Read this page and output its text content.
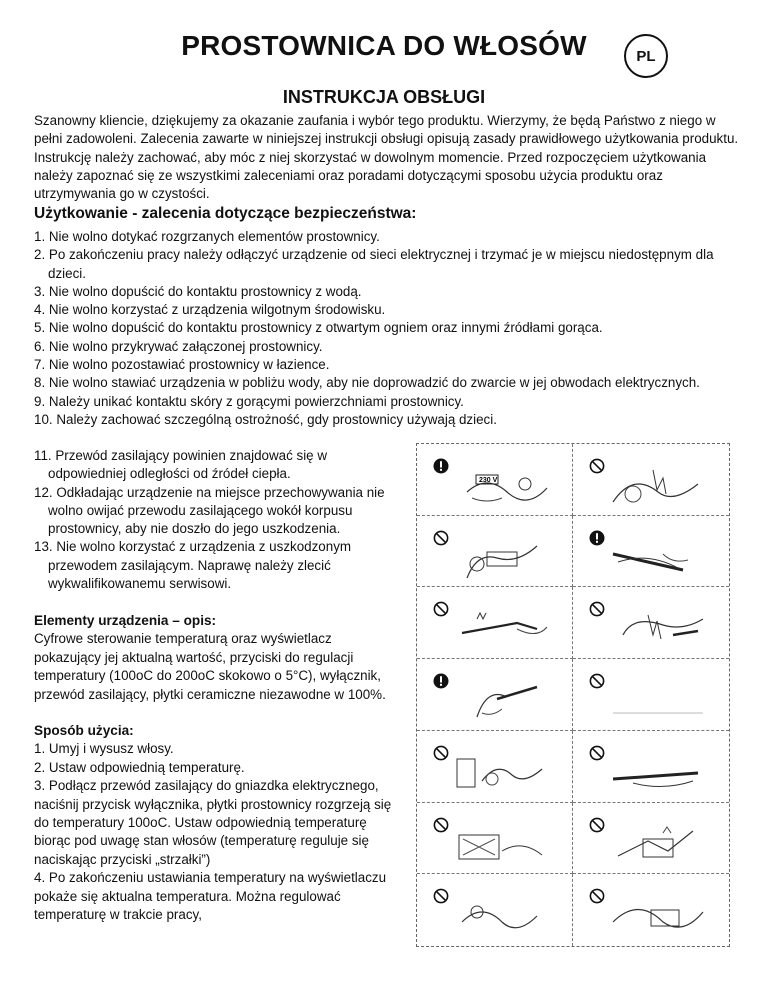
PROSTOWNICA DO WŁOSÓW	PL
INSTRUKCJA OBSŁUGI
Szanowny kliencie, dziękujemy za okazanie zaufania i wybór tego produktu. Wierzymy, że będą Państwo z niego w pełni zadowoleni. Zalecenia zawarte w niniejszej instrukcji obsługi opisują zasady prawidłowego użytkowania produktu. Instrukcję należy zachować, aby móc z niej skorzystać w dowolnym momencie. Przed rozpoczęciem użytkowania należy zapoznać się ze wszystkimi zaleceniami oraz poradami dotyczącymi sposobu użycia produktu oraz utrzymywania go w czystości.
Użytkowanie - zalecenia dotyczące bezpieczeństwa:
1. Nie wolno dotykać rozgrzanych elementów prostownicy.
2. Po zakończeniu pracy należy odłączyć urządzenie od sieci elektrycznej i trzymać je w miejscu niedostępnym dla dzieci.
3. Nie wolno dopuścić do kontaktu prostownicy z wodą.
4. Nie wolno korzystać z urządzenia wilgotnym środowisku.
5. Nie wolno dopuścić do kontaktu prostownicy z otwartym ogniem oraz innymi źródłami gorąca.
6. Nie wolno przykrywać załączonej prostownicy.
7. Nie wolno pozostawiać prostownicy w łazience.
8. Nie wolno stawiać urządzenia w pobliżu wody, aby nie doprowadzić do zwarcie w jej obwodach elektrycznych.
9. Należy unikać kontaktu skóry z gorącymi powierzchniami prostownicy.
10. Należy zachować szczególną ostrożność, gdy prostownicy używają dzieci.
11. Przewód zasilający powinien znajdować się w odpowiedniej odległości od źródeł ciepła.
12. Odkładając urządzenie na miejsce przechowywania nie wolno owijać przewodu zasilającego wokół korpusu prostownicy, aby nie doszło do jego uszkodzenia.
13. Nie wolno korzystać z urządzenia z uszkodzonym przewodem zasilającym. Naprawę należy zlecić wykwalifikowanemu serwisowi.
Elementy urządzenia – opis:

Cyfrowe sterowanie temperaturą oraz wyświetlacz pokazujący jej aktualną wartość, przyciski do regulacji temperatury (100oC do 200oC skokowo o 5°C), wyłącznik, przewód zasilający, płytki ceramiczne niezawodne w 100%.

Sposób użycia:
1. Umyj i wysusz włosy.
2. Ustaw odpowiednią temperaturę.
3. Podłącz przewód zasilający do gniazdka elektrycznego, naciśnij przycisk wyłącznika, płytki prostownicy rozgrzeją się do temperatury 100oC. Ustaw odpowiednią temperaturę biorąc pod uwagę stan włosów (temperaturę reguluje się naciskając przyciski „strzałki”)
4. Po zakończeniu ustawiania temperatury na wyświetlaczu pokaże się aktualna temperatura. Można regulować temperaturę w trakcie pracy,
230 V
